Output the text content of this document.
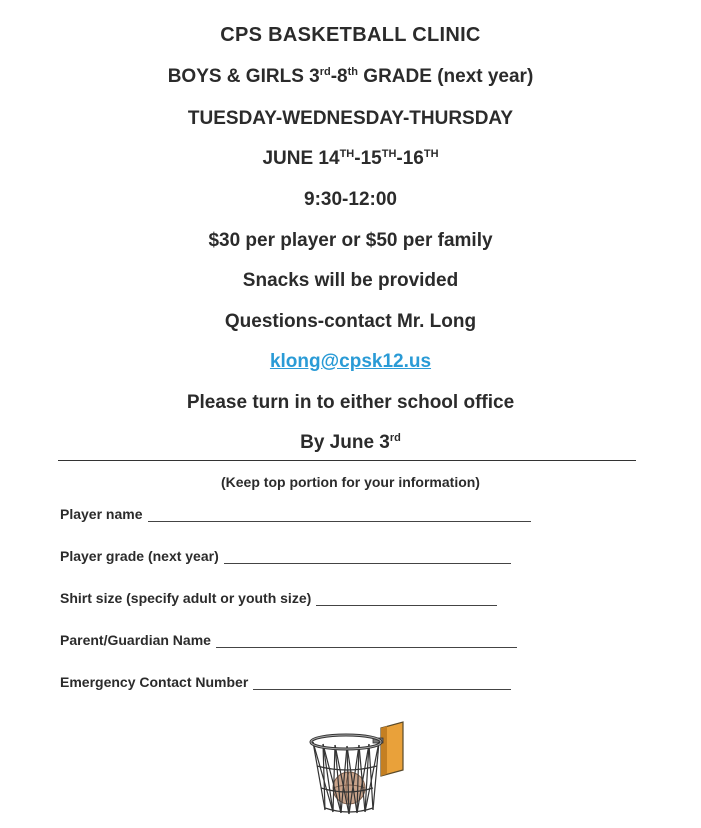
CPS BASKETBALL CLINIC
BOYS & GIRLS 3rd-8th GRADE (next year)
TUESDAY-WEDNESDAY-THURSDAY
JUNE 14TH-15TH-16TH
9:30-12:00
$30 per player or $50 per family
Snacks will be provided
Questions-contact Mr. Long
klong@cpsk12.us
Please turn in to either school office
By June 3rd
(Keep top portion for your information)
Player name
Player grade (next year)
Shirt size (specify adult or youth size)
Parent/Guardian Name
Emergency Contact Number
